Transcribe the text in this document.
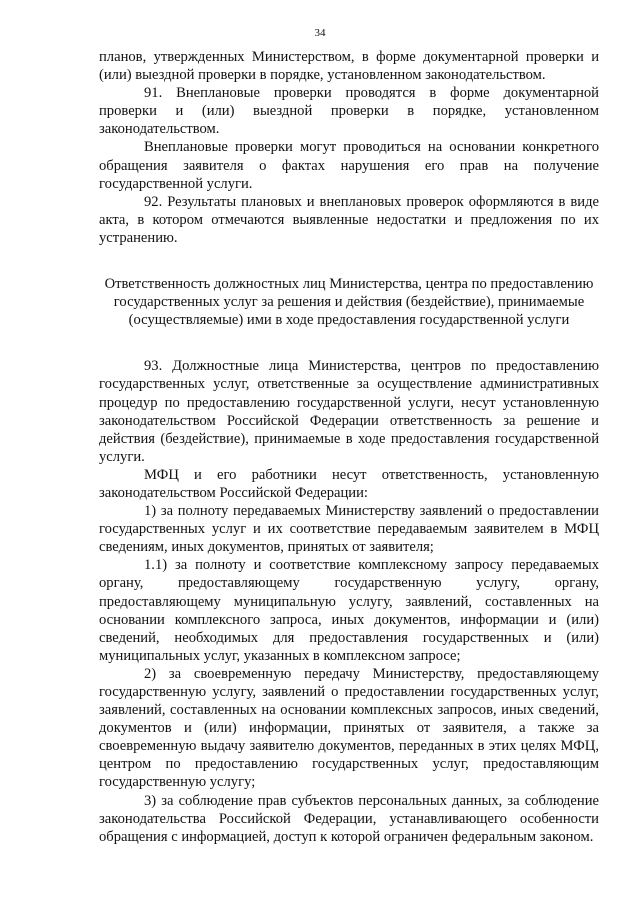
34

планов, утвержденных Министерством, в форме документарной проверки и (или) выездной проверки в порядке, установленном законодательством.

91. Внеплановые проверки проводятся в форме документарной проверки и (или) выездной проверки в порядке, установленном законодательством.

Внеплановые проверки могут проводиться на основании конкретного обращения заявителя о фактах нарушения его прав на получение государственной услуги.

92. Результаты плановых и внеплановых проверок оформляются в виде акта, в котором отмечаются выявленные недостатки и предложения по их устранению.

Ответственность должностных лиц Министерства, центра по предоставлению государственных услуг за решения и действия (бездействие), принимаемые (осуществляемые) ими в ходе предоставления государственной услуги

93. Должностные лица Министерства, центров по предоставлению государственных услуг, ответственные за осуществление административных процедур по предоставлению государственной услуги, несут установленную законодательством Российской Федерации ответственность за решение и действия (бездействие), принимаемые в ходе предоставления государственной услуги.

МФЦ и его работники несут ответственность, установленную законодательством Российской Федерации:

1) за полноту передаваемых Министерству заявлений о предоставлении государственных услуг и их соответствие передаваемым заявителем в МФЦ сведениям, иных документов, принятых от заявителя;

1.1) за полноту и соответствие комплексному запросу передаваемых органу, предоставляющему государственную услугу, органу, предоставляющему муниципальную услугу, заявлений, составленных на основании комплексного запроса, иных документов, информации и (или) сведений, необходимых для предоставления государственных и (или) муниципальных услуг, указанных в комплексном запросе;

2) за своевременную передачу Министерству, предоставляющему государственную услугу, заявлений о предоставлении государственных услуг, заявлений, составленных на основании комплексных запросов, иных сведений, документов и (или) информации, принятых от заявителя, а также за своевременную выдачу заявителю документов, переданных в этих целях МФЦ, центром по предоставлению государственных услуг, предоставляющим государственную услугу;

3) за соблюдение прав субъектов персональных данных, за соблюдение законодательства Российской Федерации, устанавливающего особенности обращения с информацией, доступ к которой ограничен федеральным законом.
